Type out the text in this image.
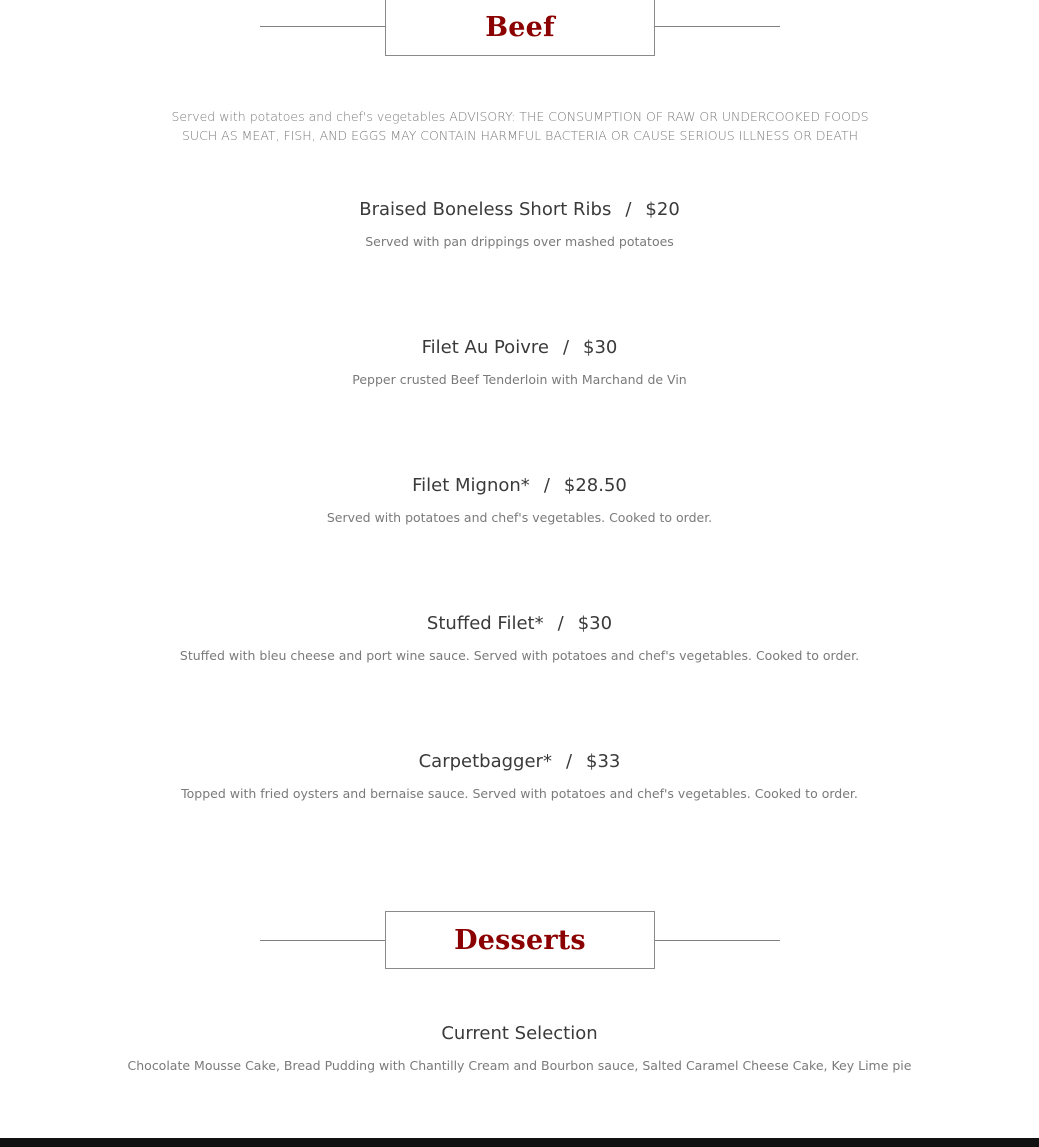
Beef
Served with potatoes and chef's vegetables ADVISORY: THE CONSUMPTION OF RAW OR UNDERCOOKED FOODS SUCH AS MEAT, FISH, AND EGGS MAY CONTAIN HARMFUL BACTERIA OR CAUSE SERIOUS ILLNESS OR DEATH
Braised Boneless Short Ribs / $20
Served with pan drippings over mashed potatoes
Filet Au Poivre / $30
Pepper crusted Beef Tenderloin with Marchand de Vin
Filet Mignon* / $28.50
Served with potatoes and chef's vegetables. Cooked to order.
Stuffed Filet* / $30
Stuffed with bleu cheese and port wine sauce. Served with potatoes and chef's vegetables. Cooked to order.
Carpetbagger* / $33
Topped with fried oysters and bernaise sauce. Served with potatoes and chef's vegetables. Cooked to order.
Desserts
Current Selection
Chocolate Mousse Cake, Bread Pudding with Chantilly Cream and Bourbon sauce, Salted Caramel Cheese Cake, Key Lime pie
